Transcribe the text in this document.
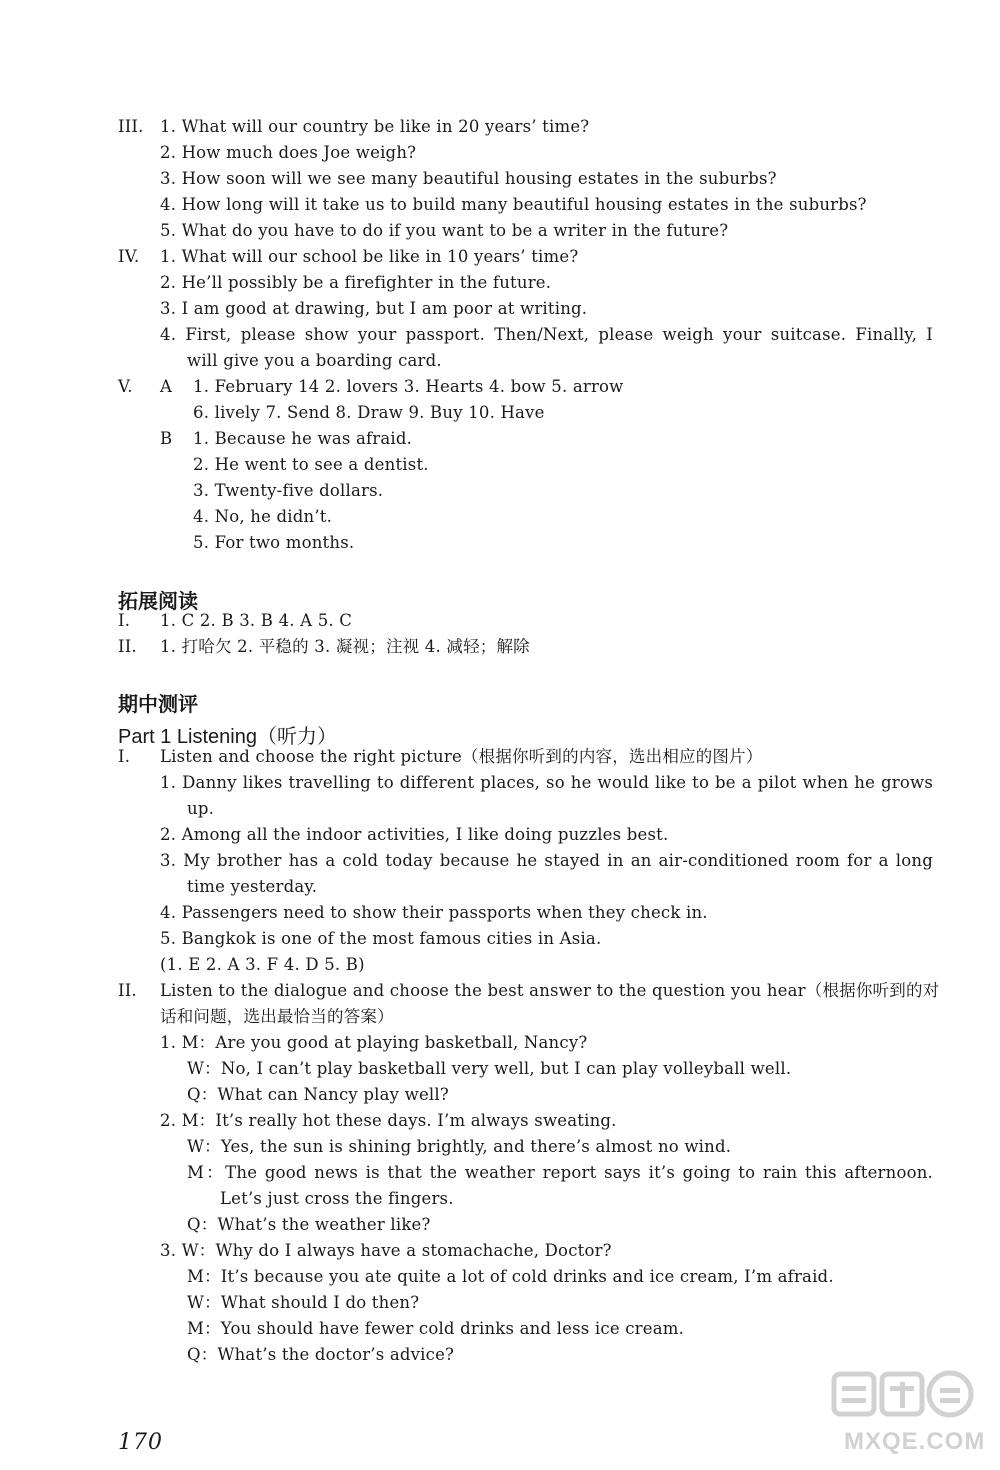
III. 1. What will our country be like in 20 years’ time?
2. How much does Joe weigh?
3. How soon will we see many beautiful housing estates in the suburbs?
4. How long will it take us to build many beautiful housing estates in the suburbs?
5. What do you have to do if you want to be a writer in the future?
IV. 1. What will our school be like in 10 years’ time?
2. He’ll possibly be a firefighter in the future.
3. I am good at drawing, but I am poor at writing.
4. First, please show your passport. Then/Next, please weigh your suitcase. Finally, I
will give you a boarding card.
V. A 1. February 14 2. lovers 3. Hearts 4. bow 5. arrow
6. lively 7. Send 8. Draw 9. Buy 10. Have
B 1. Because he was afraid.
2. He went to see a dentist.
3. Twenty-five dollars.
4. No, he didn’t.
5. For two months.
拓展阅读
I. 1. C 2. B 3. B 4. A 5. C
II. 1. 打哈欠 2. 平稳的 3. 凝视；注视 4. 减轻；解除
期中测评
Part 1 Listening（听力）
I. Listen and choose the right picture（根据你听到的内容，选出相应的图片）
1. Danny likes travelling to different places, so he would like to be a pilot when he grows
up.
2. Among all the indoor activities, I like doing puzzles best.
3. My brother has a cold today because he stayed in an air-conditioned room for a long
time yesterday.
4. Passengers need to show their passports when they check in.
5. Bangkok is one of the most famous cities in Asia.
(1. E 2. A 3. F 4. D 5. B)
II. Listen to the dialogue and choose the best answer to the question you hear（根据你听到的对
话和问题，选出最恰当的答案）
1. M：Are you good at playing basketball, Nancy?
W：No, I can’t play basketball very well, but I can play volleyball well.
Q：What can Nancy play well?
2. M：It’s really hot these days. I’m always sweating.
W：Yes, the sun is shining brightly, and there’s almost no wind.
M：The good news is that the weather report says it’s going to rain this afternoon.
Let’s just cross the fingers.
Q：What’s the weather like?
3. W：Why do I always have a stomachache, Doctor?
M：It’s because you ate quite a lot of cold drinks and ice cream, I’m afraid.
W：What should I do then?
M：You should have fewer cold drinks and less ice cream.
Q：What’s the doctor’s advice?
170	MXQE.COM
